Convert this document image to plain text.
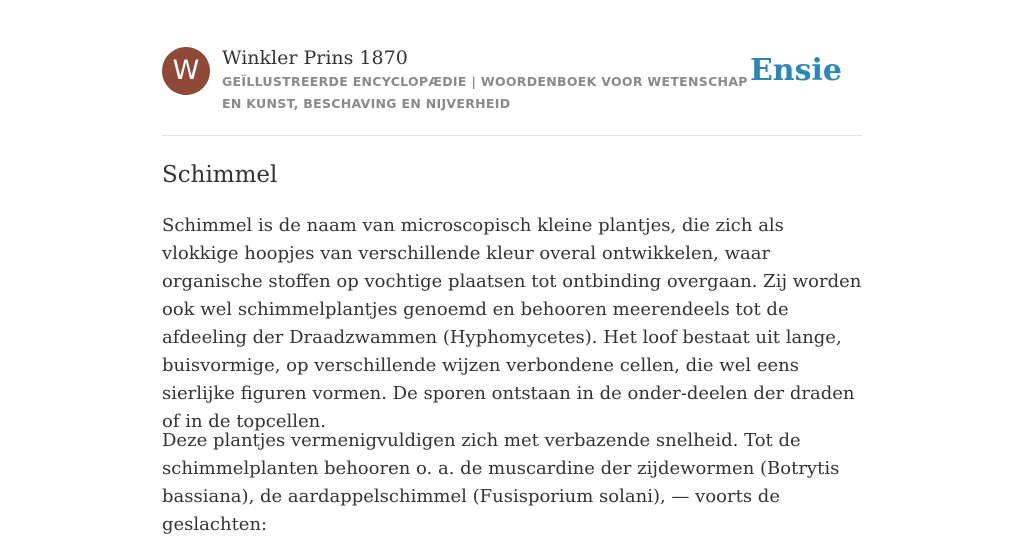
W	Winkler Prins 1870
GEÏLLUSTREERDE ENCYCLOPÆDIE | WOORDENBOEK VOOR WETENSCHAP EN KUNST, BESCHAVING EN NIJVERHEID
Ensie
Schimmel

Schimmel is de naam van microscopisch kleine plantjes, die zich als vlokkige hoopjes van verschillende kleur overal ontwikkelen, waar organische stoffen op vochtige plaatsen tot ontbinding overgaan. Zij worden ook wel schimmelplantjes genoemd en behooren meerendeels tot de afdeeling der Draadzwammen (Hyphomycetes). Het loof bestaat uit lange, buisvormige, op verschillende wijzen verbondene cellen, die wel eens sierlijke figuren vormen. De sporen ontstaan in de onder-deelen der draden of in de topcellen.

Deze plantjes vermenigvuldigen zich met verbazende snelheid. Tot de schimmelplanten behooren o. a. de muscardine der zijdewormen (Botrytis bassiana), de aardappelschimmel (Fusisporium solani), — voorts de geslachten:
